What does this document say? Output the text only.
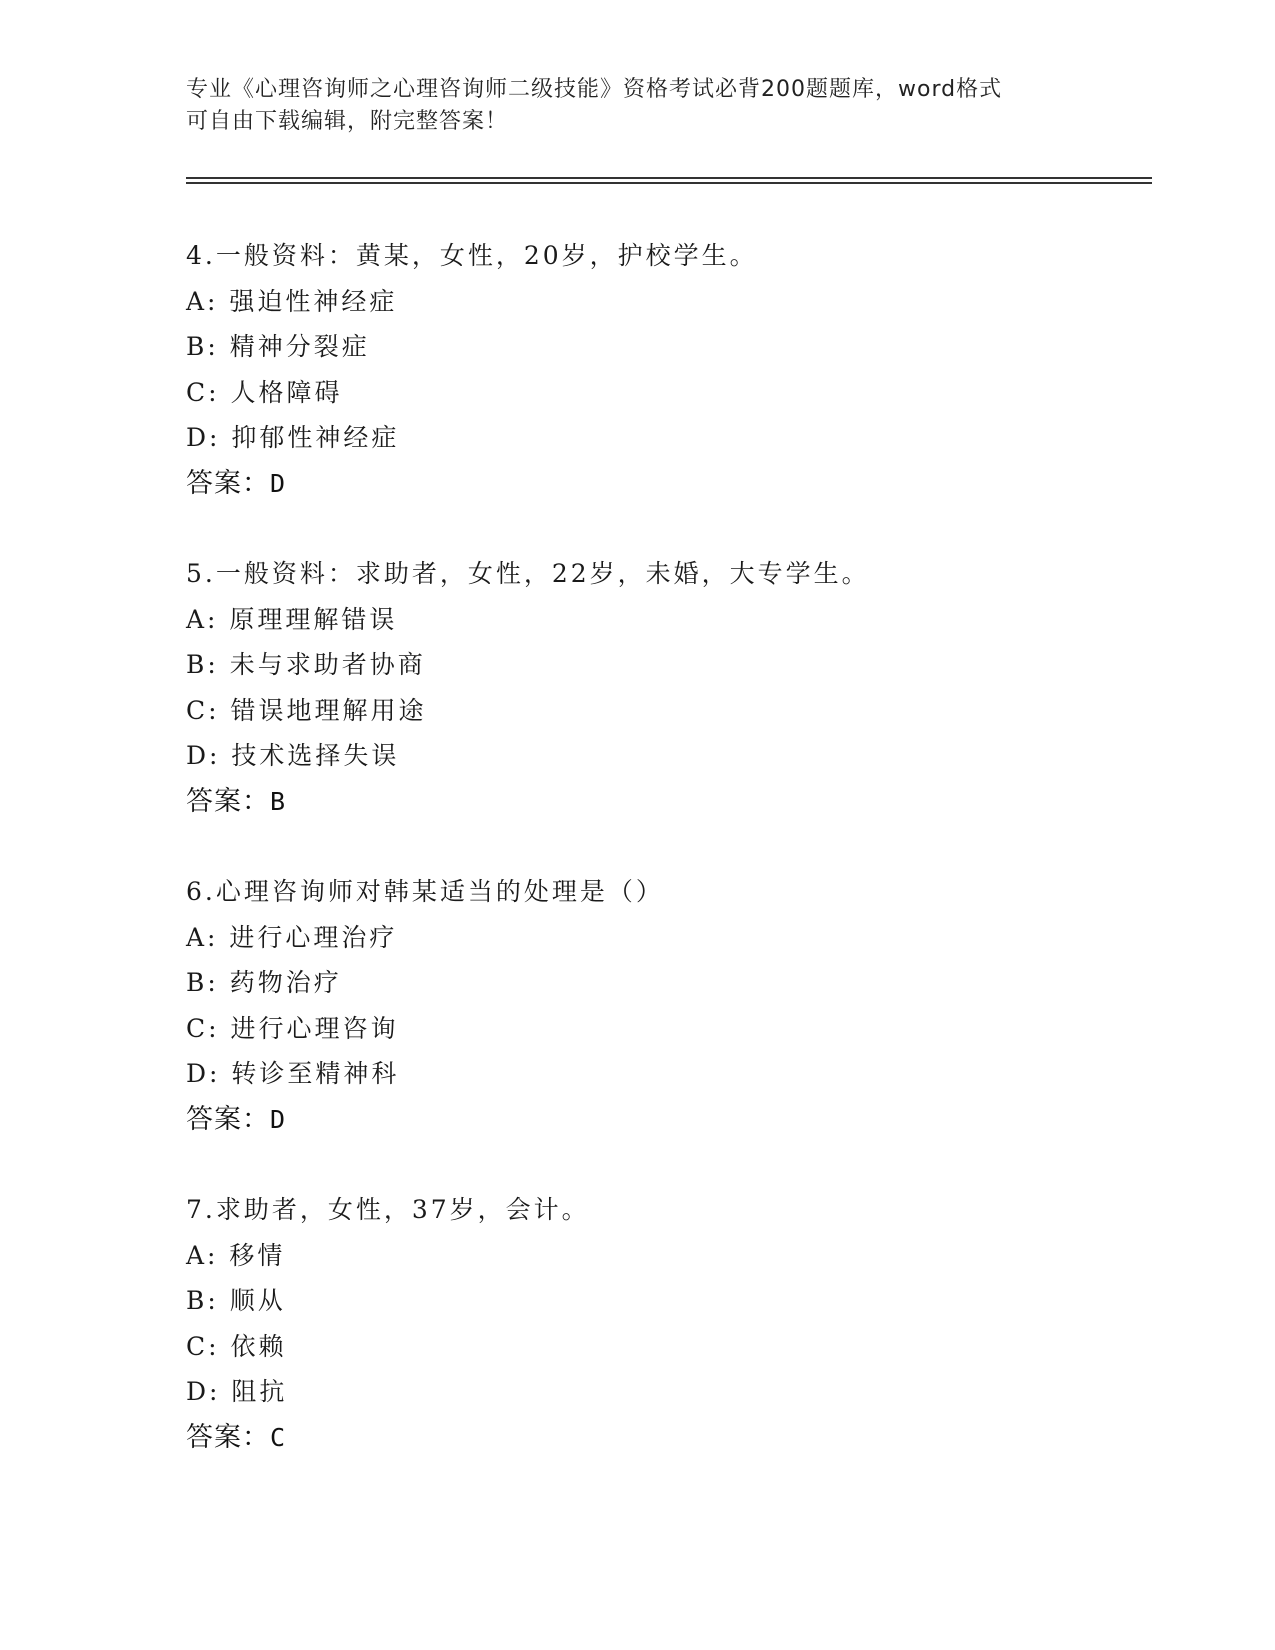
专业《心理咨询师之心理咨询师二级技能》资格考试必背200题题库，word格式
可自由下载编辑，附完整答案！
4.一般资料：黄某，女性，20岁，护校学生。
A: 强迫性神经症
B: 精神分裂症
C: 人格障碍
D: 抑郁性神经症
答案：D
5.一般资料：求助者，女性，22岁，未婚，大专学生。
A: 原理理解错误
B: 未与求助者协商
C: 错误地理解用途
D: 技术选择失误
答案：B
6.心理咨询师对韩某适当的处理是（）
A: 进行心理治疗
B: 药物治疗
C: 进行心理咨询
D: 转诊至精神科
答案：D
7.求助者，女性，37岁，会计。
A: 移情
B: 顺从
C: 依赖
D: 阻抗
答案：C
